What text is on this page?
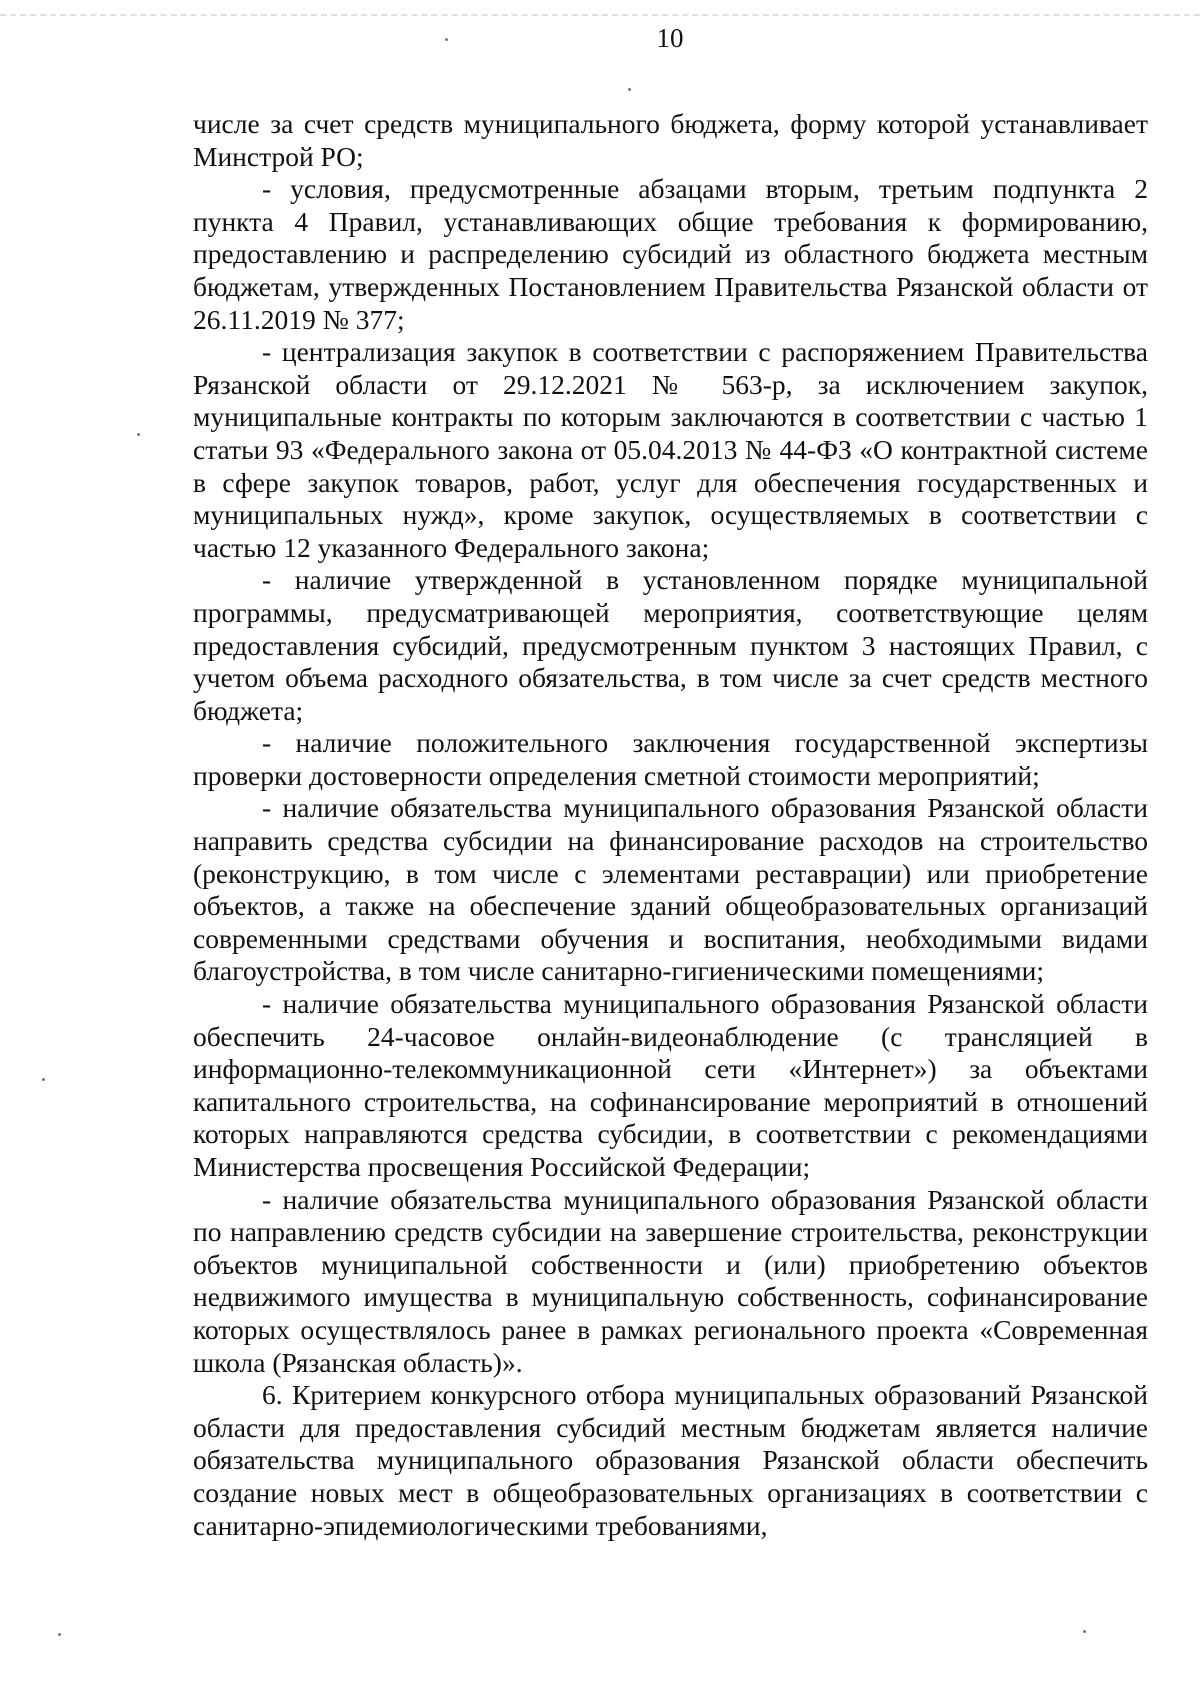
10

числе за счет средств муниципального бюджета, форму которой устанавливает Минстрой РО;

- условия, предусмотренные абзацами вторым, третьим подпункта 2 пункта 4 Правил, устанавливающих общие требования к формированию, предоставлению и распределению субсидий из областного бюджета местным бюджетам, утвержденных Постановлением Правительства Рязанской области от 26.11.2019 № 377;

- централизация закупок в соответствии с распоряжением Правительства Рязанской области от 29.12.2021 № 563-р, за исключением закупок, муниципальные контракты по которым заключаются в соответствии с частью 1 статьи 93 «Федерального закона от 05.04.2013 № 44-ФЗ «О контрактной системе в сфере закупок товаров, работ, услуг для обеспечения государственных и муниципальных нужд», кроме закупок, осуществляемых в соответствии с частью 12 указанного Федерального закона;

- наличие утвержденной в установленном порядке муниципальной программы, предусматривающей мероприятия, соответствующие целям предоставления субсидий, предусмотренным пунктом 3 настоящих Правил, с учетом объема расходного обязательства, в том числе за счет средств местного бюджета;

- наличие положительного заключения государственной экспертизы проверки достоверности определения сметной стоимости мероприятий;

- наличие обязательства муниципального образования Рязанской области направить средства субсидии на финансирование расходов на строительство (реконструкцию, в том числе с элементами реставрации) или приобретение объектов, а также на обеспечение зданий общеобразовательных организаций современными средствами обучения и воспитания, необходимыми видами благоустройства, в том числе санитарно-гигиеническими помещениями;

- наличие обязательства муниципального образования Рязанской области обеспечить 24-часовое онлайн-видеонаблюдение (с трансляцией в информационно-телекоммуникационной сети «Интернет») за объектами капитального строительства, на софинансирование мероприятий в отношений которых направляются средства субсидии, в соответствии с рекомендациями Министерства просвещения Российской Федерации;

- наличие обязательства муниципального образования Рязанской области по направлению средств субсидии на завершение строительства, реконструкции объектов муниципальной собственности и (или) приобретению объектов недвижимого имущества в муниципальную собственность, софинансирование которых осуществлялось ранее в рамках регионального проекта «Современная школа (Рязанская область)».

6. Критерием конкурсного отбора муниципальных образований Рязанской области для предоставления субсидий местным бюджетам является наличие обязательства муниципального образования Рязанской области обеспечить создание новых мест в общеобразовательных организациях в соответствии с санитарно-эпидемиологическими требованиями,
